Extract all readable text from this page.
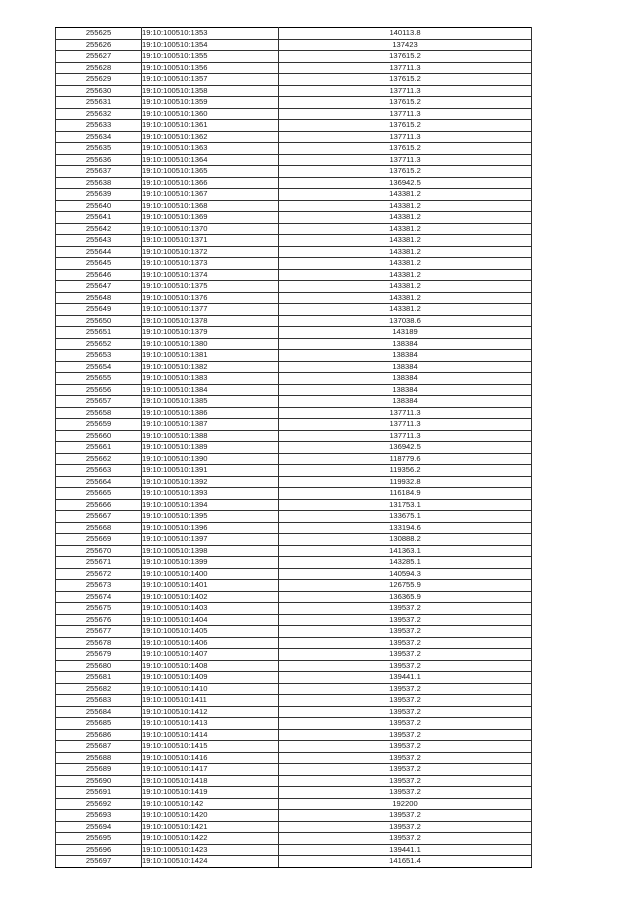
255625	19:10:100510:1353	140113.8
255626	19:10:100510:1354	137423
255627	19:10:100510:1355	137615.2
255628	19:10:100510:1356	137711.3
255629	19:10:100510:1357	137615.2
255630	19:10:100510:1358	137711.3
255631	19:10:100510:1359	137615.2
255632	19:10:100510:1360	137711.3
255633	19:10:100510:1361	137615.2
255634	19:10:100510:1362	137711.3
255635	19:10:100510:1363	137615.2
255636	19:10:100510:1364	137711.3
255637	19:10:100510:1365	137615.2
255638	19:10:100510:1366	136942.5
255639	19:10:100510:1367	143381.2
255640	19:10:100510:1368	143381.2
255641	19:10:100510:1369	143381.2
255642	19:10:100510:1370	143381.2
255643	19:10:100510:1371	143381.2
255644	19:10:100510:1372	143381.2
255645	19:10:100510:1373	143381.2
255646	19:10:100510:1374	143381.2
255647	19:10:100510:1375	143381.2
255648	19:10:100510:1376	143381.2
255649	19:10:100510:1377	143381.2
255650	19:10:100510:1378	137038.6
255651	19:10:100510:1379	143189
255652	19:10:100510:1380	138384
255653	19:10:100510:1381	138384
255654	19:10:100510:1382	138384
255655	19:10:100510:1383	138384
255656	19:10:100510:1384	138384
255657	19:10:100510:1385	138384
255658	19:10:100510:1386	137711.3
255659	19:10:100510:1387	137711.3
255660	19:10:100510:1388	137711.3
255661	19:10:100510:1389	136942.5
255662	19:10:100510:1390	118779.6
255663	19:10:100510:1391	119356.2
255664	19:10:100510:1392	119932.8
255665	19:10:100510:1393	116184.9
255666	19:10:100510:1394	131753.1
255667	19:10:100510:1395	133675.1
255668	19:10:100510:1396	133194.6
255669	19:10:100510:1397	130888.2
255670	19:10:100510:1398	141363.1
255671	19:10:100510:1399	143285.1
255672	19:10:100510:1400	140594.3
255673	19:10:100510:1401	126755.9
255674	19:10:100510:1402	136365.9
255675	19:10:100510:1403	139537.2
255676	19:10:100510:1404	139537.2
255677	19:10:100510:1405	139537.2
255678	19:10:100510:1406	139537.2
255679	19:10:100510:1407	139537.2
255680	19:10:100510:1408	139537.2
255681	19:10:100510:1409	139441.1
255682	19:10:100510:1410	139537.2
255683	19:10:100510:1411	139537.2
255684	19:10:100510:1412	139537.2
255685	19:10:100510:1413	139537.2
255686	19:10:100510:1414	139537.2
255687	19:10:100510:1415	139537.2
255688	19:10:100510:1416	139537.2
255689	19:10:100510:1417	139537.2
255690	19:10:100510:1418	139537.2
255691	19:10:100510:1419	139537.2
255692	19:10:100510:142	192200
255693	19:10:100510:1420	139537.2
255694	19:10:100510:1421	139537.2
255695	19:10:100510:1422	139537.2
255696	19:10:100510:1423	139441.1
255697	19:10:100510:1424	141651.4
